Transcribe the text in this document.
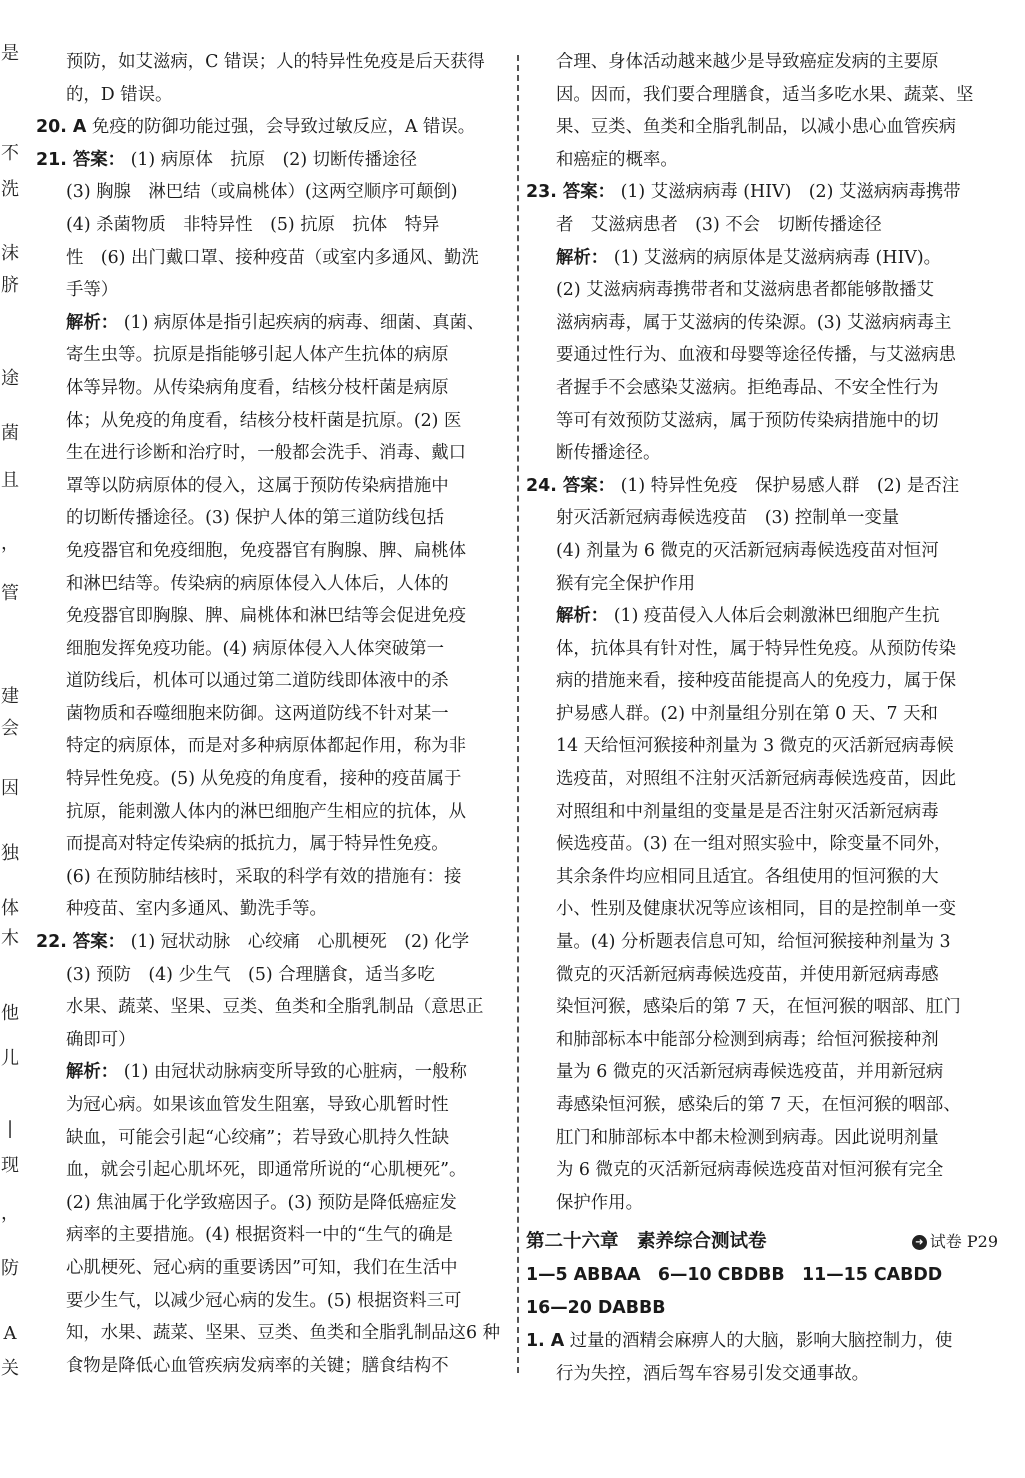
是
不
洗
沫
脐
途
菌
且
，
管
建
会
因
独
体
木
他
儿
|
现
，
防
A
关
预防，如艾滋病，C 错误；人的特异性免疫是后天获得
的，D 错误。
20. A 免疫的防御功能过强，会导致过敏反应，A 错误。
21. 答案： (1) 病原体　抗原　(2) 切断传播途径
(3) 胸腺　淋巴结（或扁桃体）(这两空顺序可颠倒)
(4) 杀菌物质　非特异性　(5) 抗原　抗体　特异
性　(6) 出门戴口罩、接种疫苗（或室内多通风、勤洗
手等）
解析： (1) 病原体是指引起疾病的病毒、细菌、真菌、
寄生虫等。抗原是指能够引起人体产生抗体的病原
体等异物。从传染病角度看，结核分枝杆菌是病原
体；从免疫的角度看，结核分枝杆菌是抗原。(2) 医
生在进行诊断和治疗时，一般都会洗手、消毒、戴口
罩等以防病原体的侵入，这属于预防传染病措施中
的切断传播途径。(3) 保护人体的第三道防线包括
免疫器官和免疫细胞，免疫器官有胸腺、脾、扁桃体
和淋巴结等。传染病的病原体侵入人体后，人体的
免疫器官即胸腺、脾、扁桃体和淋巴结等会促进免疫
细胞发挥免疫功能。(4) 病原体侵入人体突破第一
道防线后，机体可以通过第二道防线即体液中的杀
菌物质和吞噬细胞来防御。这两道防线不针对某一
特定的病原体，而是对多种病原体都起作用，称为非
特异性免疫。(5) 从免疫的角度看，接种的疫苗属于
抗原，能刺激人体内的淋巴细胞产生相应的抗体，从
而提高对特定传染病的抵抗力，属于特异性免疫。
(6) 在预防肺结核时，采取的科学有效的措施有：接
种疫苗、室内多通风、勤洗手等。
22. 答案： (1) 冠状动脉　心绞痛　心肌梗死　(2) 化学
(3) 预防　(4) 少生气　(5) 合理膳食，适当多吃
水果、蔬菜、坚果、豆类、鱼类和全脂乳制品（意思正
确即可）
解析： (1) 由冠状动脉病变所导致的心脏病，一般称
为冠心病。如果该血管发生阻塞，导致心肌暂时性
缺血，可能会引起“心绞痛”；若导致心肌持久性缺
血，就会引起心肌坏死，即通常所说的“心肌梗死”。
(2) 焦油属于化学致癌因子。(3) 预防是降低癌症发
病率的主要措施。(4) 根据资料一中的“生气的确是
心肌梗死、冠心病的重要诱因”可知，我们在生活中
要少生气，以减少冠心病的发生。(5) 根据资料三可
知，水果、蔬菜、坚果、豆类、鱼类和全脂乳制品这6 种
食物是降低心血管疾病发病率的关键；膳食结构不
合理、身体活动越来越少是导致癌症发病的主要原
因。因而，我们要合理膳食，适当多吃水果、蔬菜、坚
果、豆类、鱼类和全脂乳制品，以减小患心血管疾病
和癌症的概率。
23. 答案： (1) 艾滋病病毒 (HIV)　(2) 艾滋病病毒携带
者　艾滋病患者　(3) 不会　切断传播途径
解析： (1) 艾滋病的病原体是艾滋病病毒 (HIV)。
(2) 艾滋病病毒携带者和艾滋病患者都能够散播艾
滋病病毒，属于艾滋病的传染源。(3) 艾滋病病毒主
要通过性行为、血液和母婴等途径传播，与艾滋病患
者握手不会感染艾滋病。拒绝毒品、不安全性行为
等可有效预防艾滋病，属于预防传染病措施中的切
断传播途径。
24. 答案： (1) 特异性免疫　保护易感人群　(2) 是否注
射灭活新冠病毒候选疫苗　(3) 控制单一变量
(4) 剂量为 6 微克的灭活新冠病毒候选疫苗对恒河
猴有完全保护作用
解析： (1) 疫苗侵入人体后会刺激淋巴细胞产生抗
体，抗体具有针对性，属于特异性免疫。从预防传染
病的措施来看，接种疫苗能提高人的免疫力，属于保
护易感人群。(2) 中剂量组分别在第 0 天、7 天和
14 天给恒河猴接种剂量为 3 微克的灭活新冠病毒候
选疫苗，对照组不注射灭活新冠病毒候选疫苗，因此
对照组和中剂量组的变量是是否注射灭活新冠病毒
候选疫苗。(3) 在一组对照实验中，除变量不同外，
其余条件均应相同且适宜。各组使用的恒河猴的大
小、性别及健康状况等应该相同，目的是控制单一变
量。(4) 分析题表信息可知，给恒河猴接种剂量为 3
微克的灭活新冠病毒候选疫苗，并使用新冠病毒感
染恒河猴，感染后的第 7 天，在恒河猴的咽部、肛门
和肺部标本中能部分检测到病毒；给恒河猴接种剂
量为 6 微克的灭活新冠病毒候选疫苗，并用新冠病
毒感染恒河猴，感染后的第 7 天，在恒河猴的咽部、
肛门和肺部标本中都未检测到病毒。因此说明剂量
为 6 微克的灭活新冠病毒候选疫苗对恒河猴有完全
保护作用。
第二十六章　素养综合测试卷	➜ 试卷 P29
1—5 ABBAA　6—10 CBDBB　11—15 CABDD
16—20 DABBB
1. A 过量的酒精会麻痹人的大脑，影响大脑控制力，使
行为失控，酒后驾车容易引发交通事故。
